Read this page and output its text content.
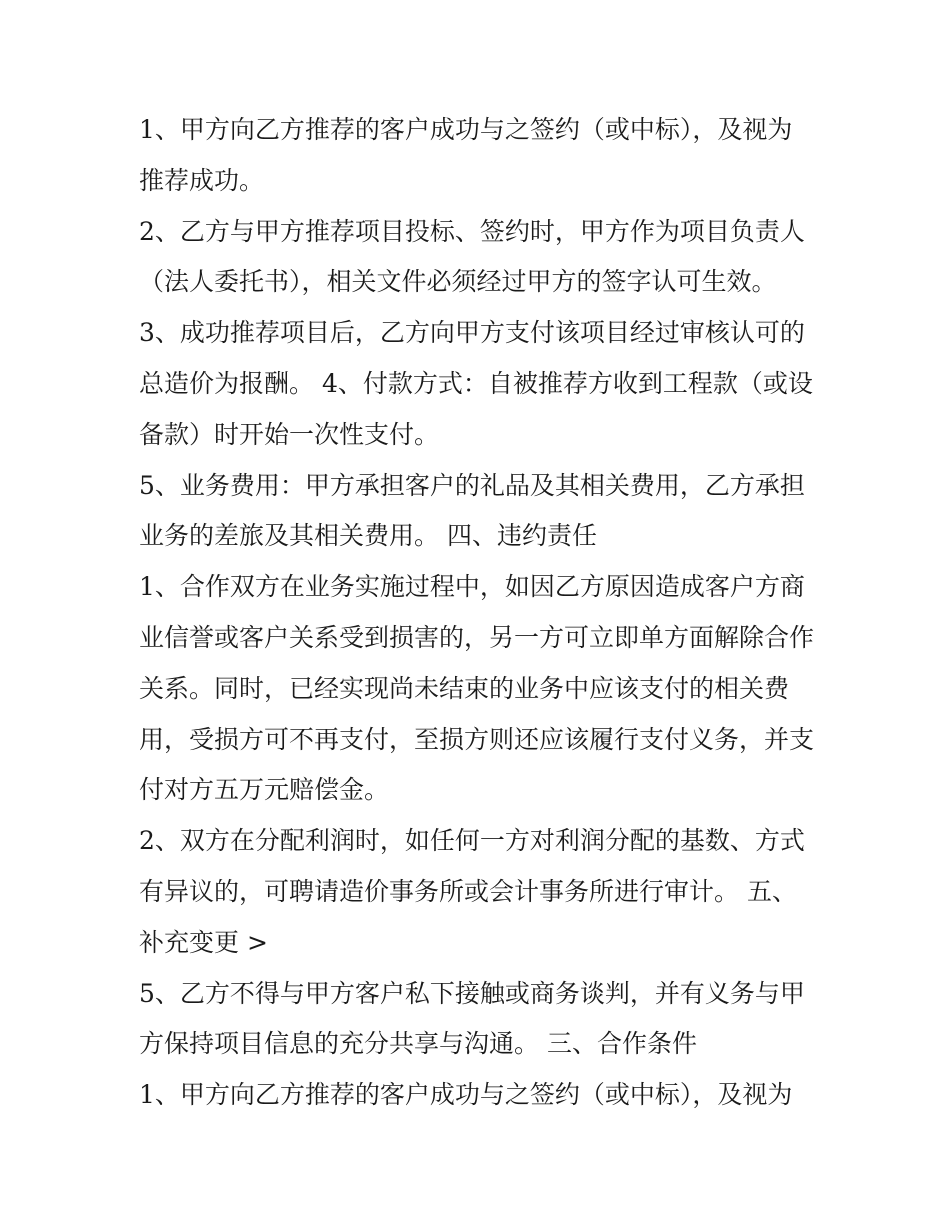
1、甲方向乙方推荐的客户成功与之签约（或中标），及视为
推荐成功。
2、乙方与甲方推荐项目投标、签约时，甲方作为项目负责人
（法人委托书），相关文件必须经过甲方的签字认可生效。
3、成功推荐项目后，乙方向甲方支付该项目经过审核认可的
总造价为报酬。 4、付款方式：自被推荐方收到工程款（或设
备款）时开始一次性支付。
5、业务费用：甲方承担客户的礼品及其相关费用，乙方承担
业务的差旅及其相关费用。 四、违约责任
1、合作双方在业务实施过程中，如因乙方原因造成客户方商
业信誉或客户关系受到损害的，另一方可立即单方面解除合作
关系。同时，已经实现尚未结束的业务中应该支付的相关费
用，受损方可不再支付，至损方则还应该履行支付义务，并支
付对方五万元赔偿金。
2、双方在分配利润时，如任何一方对利润分配的基数、方式
有异议的，可聘请造价事务所或会计事务所进行审计。 五、
补充变更 >
5、乙方不得与甲方客户私下接触或商务谈判，并有义务与甲
方保持项目信息的充分共享与沟通。 三、合作条件
1、甲方向乙方推荐的客户成功与之签约（或中标），及视为
